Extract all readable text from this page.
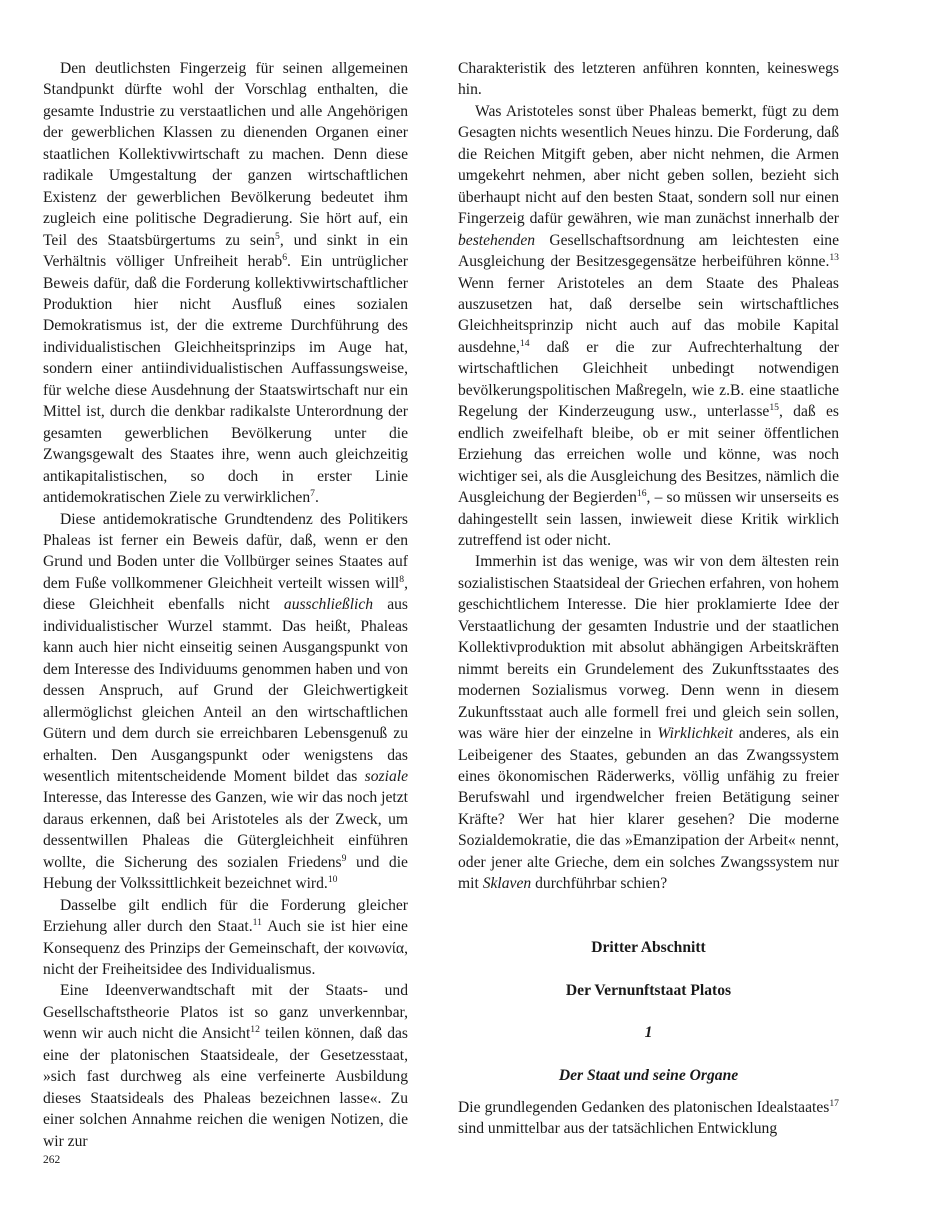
Den deutlichsten Fingerzeig für seinen allgemeinen Standpunkt dürfte wohl der Vorschlag enthalten, die gesamte Industrie zu verstaatlichen und alle Angehörigen der gewerblichen Klassen zu dienenden Organen einer staatlichen Kollektivwirtschaft zu machen. Denn diese radikale Umgestaltung der ganzen wirtschaftlichen Existenz der gewerblichen Bevölkerung bedeutet ihm zugleich eine politische Degradierung. Sie hört auf, ein Teil des Staatsbürgertums zu sein$^5$, und sinkt in ein Verhältnis völliger Unfreiheit herab$^6$. Ein untrüglicher Beweis dafür, daß die Forderung kollektivwirtschaftlicher Produktion hier nicht Ausfluß eines sozialen Demokratismus ist, der die extreme Durchführung des individualistischen Gleichheitsprinzips im Auge hat, sondern einer antiindividualistischen Auffassungsweise, für welche diese Ausdehnung der Staatswirtschaft nur ein Mittel ist, durch die denkbar radikalste Unterordnung der gesamten gewerblichen Bevölkerung unter die Zwangsgewalt des Staates ihre, wenn auch gleichzeitig antikapitalistischen, so doch in erster Linie antidemokratischen Ziele zu verwirklichen$^7$.

Diese antidemokratische Grundtendenz des Politikers Phaleas ist ferner ein Beweis dafür, daß, wenn er den Grund und Boden unter die Vollbürger seines Staates auf dem Fuße vollkommener Gleichheit verteilt wissen will$^8$, diese Gleichheit ebenfalls nicht ausschließlich aus individualistischer Wurzel stammt. Das heißt, Phaleas kann auch hier nicht einseitig seinen Ausgangspunkt von dem Interesse des Individuums genommen haben und von dessen Anspruch, auf Grund der Gleichwertigkeit allermöglichst gleichen Anteil an den wirtschaftlichen Gütern und dem durch sie erreichbaren Lebensgenuß zu erhalten. Den Ausgangspunkt oder wenigstens das wesentlich mitentscheidende Moment bildet das soziale Interesse, das Interesse des Ganzen, wie wir das noch jetzt daraus erkennen, daß bei Aristoteles als der Zweck, um dessentwillen Phaleas die Gütergleichheit einführen wollte, die Sicherung des sozialen Friedens$^9$ und die Hebung der Volkssittlichkeit bezeichnet wird.$^{10}$

Dasselbe gilt endlich für die Forderung gleicher Erziehung aller durch den Staat.$^{11}$ Auch sie ist hier eine Konsequenz des Prinzips der Gemeinschaft, der κοινωνία, nicht der Freiheitsidee des Individualismus.

Eine Ideenverwandtschaft mit der Staats- und Gesellschaftstheorie Platos ist so ganz unverkennbar, wenn wir auch nicht die Ansicht$^{12}$ teilen können, daß das eine der platonischen Staatsideale, der Gesetzesstaat, »sich fast durchweg als eine verfeinerte Ausbildung dieses Staatsideals des Phaleas bezeichnen lasse«. Zu einer solchen Annahme reichen die wenigen Notizen, die wir zur

Charakteristik des letzteren anführen konnten, keineswegs hin.

Was Aristoteles sonst über Phaleas bemerkt, fügt zu dem Gesagten nichts wesentlich Neues hinzu. Die Forderung, daß die Reichen Mitgift geben, aber nicht nehmen, die Armen umgekehrt nehmen, aber nicht geben sollen, bezieht sich überhaupt nicht auf den besten Staat, sondern soll nur einen Fingerzeig dafür gewähren, wie man zunächst innerhalb der bestehenden Gesellschaftsordnung am leichtesten eine Ausgleichung der Besitzesgegensätze herbeiführen könne.$^{13}$ Wenn ferner Aristoteles an dem Staate des Phaleas auszusetzen hat, daß derselbe sein wirtschaftliches Gleichheitsprinzip nicht auch auf das mobile Kapital ausdehne,$^{14}$ daß er die zur Aufrechterhaltung der wirtschaftlichen Gleichheit unbedingt notwendigen bevölkerungspolitischen Maßregeln, wie z.B. eine staatliche Regelung der Kinderzeugung usw., unterlasse$^{15}$, daß es endlich zweifelhaft bleibe, ob er mit seiner öffentlichen Erziehung das erreichen wolle und könne, was noch wichtiger sei, als die Ausgleichung des Besitzes, nämlich die Ausgleichung der Begierden$^{16}$, – so müssen wir unserseits es dahingestellt sein lassen, inwieweit diese Kritik wirklich zutreffend ist oder nicht.

Immerhin ist das wenige, was wir von dem ältesten rein sozialistischen Staatsideal der Griechen erfahren, von hohem geschichtlichem Interesse. Die hier proklamierte Idee der Verstaatlichung der gesamten Industrie und der staatlichen Kollektivproduktion mit absolut abhängigen Arbeitskräften nimmt bereits ein Grundelement des Zukunftsstaates des modernen Sozialismus vorweg. Denn wenn in diesem Zukunftsstaat auch alle formell frei und gleich sein sollen, was wäre hier der einzelne in Wirklichkeit anderes, als ein Leibeigener des Staates, gebunden an das Zwangssystem eines ökonomischen Räderwerks, völlig unfähig zu freier Berufswahl und irgendwelcher freien Betätigung seiner Kräfte? Wer hat hier klarer gesehen? Die moderne Sozialdemokratie, die das »Emanzipation der Arbeit« nennt, oder jener alte Grieche, dem ein solches Zwangssystem nur mit Sklaven durchführbar schien?

Dritter Abschnitt
Der Vernunftstaat Platos
1
Der Staat und seine Organe

Die grundlegenden Gedanken des platonischen Idealstaates$^{17}$ sind unmittelbar aus der tatsächlichen Entwicklung

262
